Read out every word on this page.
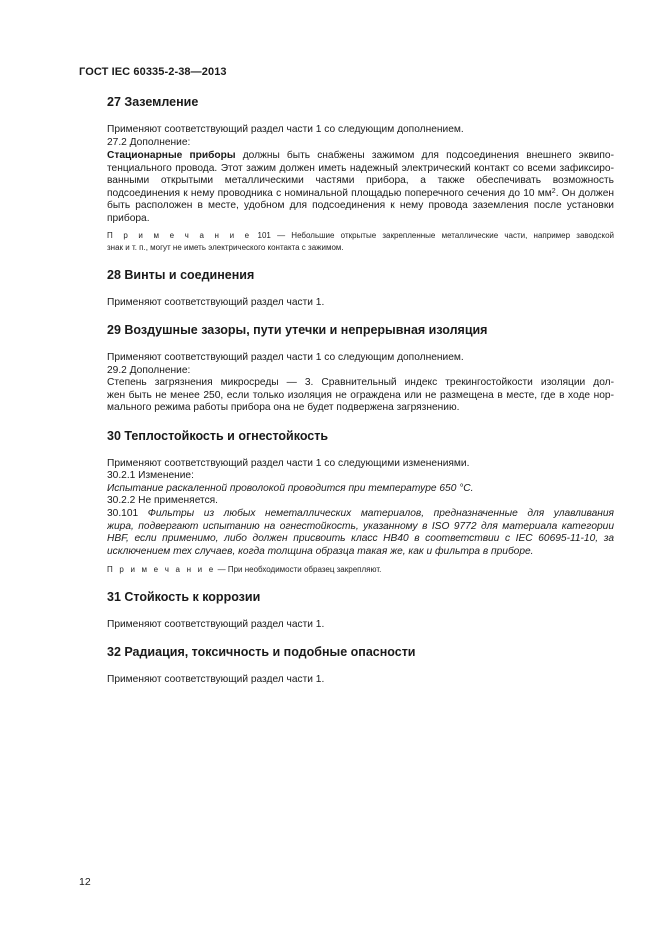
ГОСТ IEC 60335-2-38—2013
27 Заземление
Применяют соответствующий раздел части 1 со следующим дополнением.
27.2 Дополнение:
Стационарные приборы должны быть снабжены зажимом для подсоединения внешнего эквипо-
тенциального провода. Этот зажим должен иметь надежный электрический контакт со всеми зафиксиро-
ванными открытыми металлическими частями прибора, а также обеспечивать возможность
подсоединения к нему проводника с номинальной площадью поперечного сечения до 10 $мм^2$. Он должен
быть расположен в месте, удобном для подсоединения к нему провода заземления после установки
прибора.
П р и м е ч а н и е 101 — Небольшие открытые закрепленные металлические части, например заводской
знак и т. п., могут не иметь электрического контакта с зажимом.
28 Винты и соединения
Применяют соответствующий раздел части 1.
29 Воздушные зазоры, пути утечки и непрерывная изоляция
Применяют соответствующий раздел части 1 со следующим дополнением.
29.2 Дополнение:
Степень загрязнения микросреды — 3. Сравнительный индекс трекингостойкости изоляции дол-
жен быть не менее 250, если только изоляция не ограждена или не размещена в месте, где в ходе нор-
мального режима работы прибора она не будет подвержена загрязнению.
30 Теплостойкость и огнестойкость
Применяют соответствующий раздел части 1 со следующими изменениями.
30.2.1 Изменение:
Испытание раскаленной проволокой проводится при температуре 650 °С.
30.2.2 Не применяется.
30.101 Фильтры из любых неметаллических материалов, предназначенные для улавливания
жира, подвергают испытанию на огнестойкость, указанному в ISO 9772 для материала категории
HBF, если применимо, либо должен присвоить класс HB40 в соответствии с IEC 60695-11-10, за
исключением тех случаев, когда толщина образца такая же, как и фильтра в приборе.
П р и м е ч а н и е — При необходимости образец закрепляют.
31 Стойкость к коррозии
Применяют соответствующий раздел части 1.
32 Радиация, токсичность и подобные опасности
Применяют соответствующий раздел части 1.
12
